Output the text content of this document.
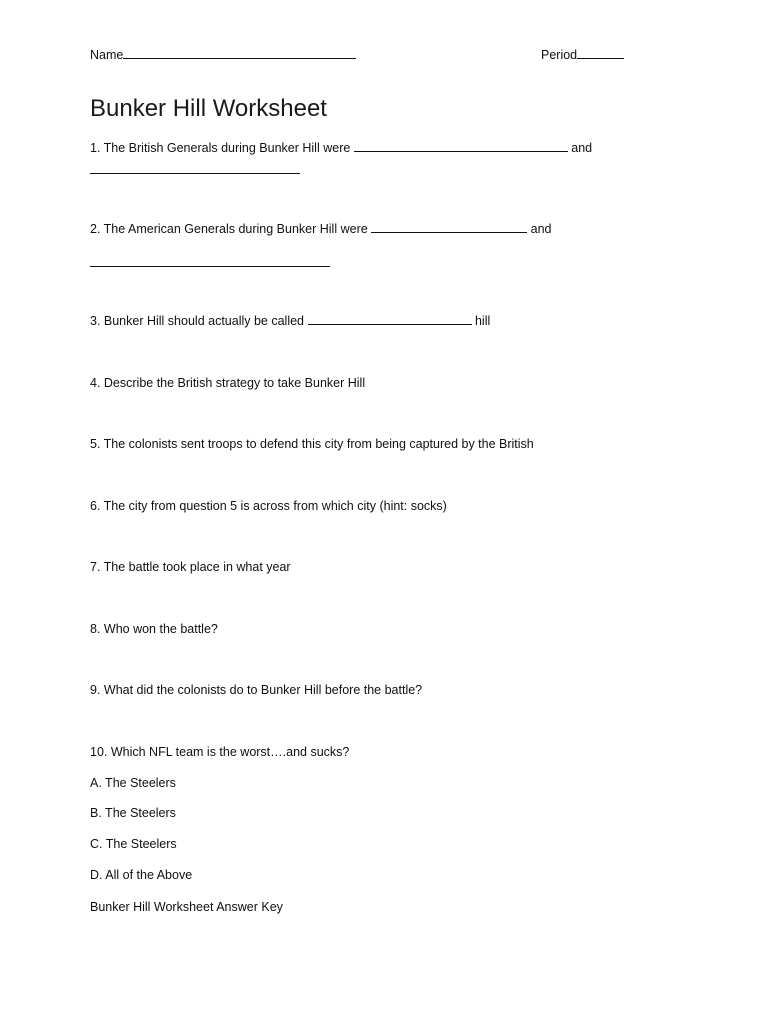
Name	Period
Bunker Hill Worksheet
1. The British Generals during Bunker Hill were	and
2. The American Generals during Bunker Hill were	and
3. Bunker Hill should actually be called	hill
4. Describe the British strategy to take Bunker Hill
5. The colonists sent troops to defend this city from being captured by the British
6. The city from question 5 is across from which city (hint: socks)
7. The battle took place in what year
8. Who won the battle?
9. What did the colonists do to Bunker Hill before the battle?
10. Which NFL team is the worst….and sucks?
A. The Steelers
B. The Steelers
C. The Steelers
D. All of the Above
Bunker Hill Worksheet Answer Key
